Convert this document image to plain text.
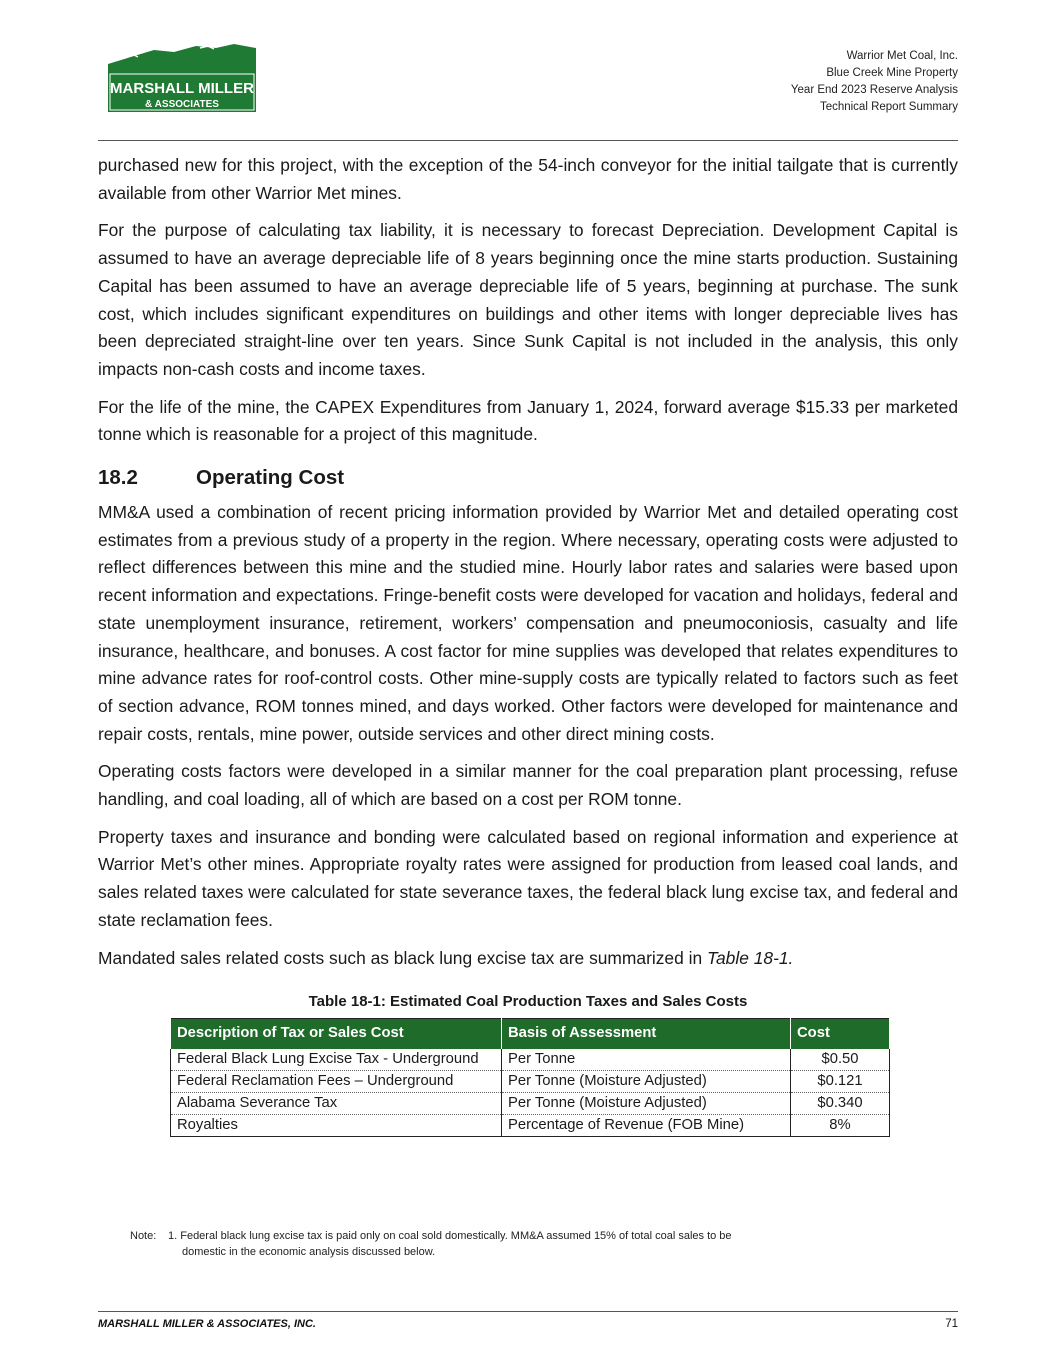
MARSHALL MILLER
& ASSOCIATES
Warrior Met Coal, Inc.
Blue Creek Mine Property
Year End 2023 Reserve Analysis
Technical Report Summary

purchased new for this project, with the exception of the 54-inch conveyor for the initial tailgate that is currently available from other Warrior Met mines.

For the purpose of calculating tax liability, it is necessary to forecast Depreciation. Development Capital is assumed to have an average depreciable life of 8 years beginning once the mine starts production. Sustaining Capital has been assumed to have an average depreciable life of 5 years, beginning at purchase. The sunk cost, which includes significant expenditures on buildings and other items with longer depreciable lives has been depreciated straight-line over ten years. Since Sunk Capital is not included in the analysis, this only impacts non-cash costs and income taxes.

For the life of the mine, the CAPEX Expenditures from January 1, 2024, forward average $15.33 per marketed tonne which is reasonable for a project of this magnitude.

18.2	Operating Cost

MM&A used a combination of recent pricing information provided by Warrior Met and detailed operating cost estimates from a previous study of a property in the region. Where necessary, operating costs were adjusted to reflect differences between this mine and the studied mine. Hourly labor rates and salaries were based upon recent information and expectations. Fringe-benefit costs were developed for vacation and holidays, federal and state unemployment insurance, retirement, workers’ compensation and pneumoconiosis, casualty and life insurance, healthcare, and bonuses. A cost factor for mine supplies was developed that relates expenditures to mine advance rates for roof-control costs. Other mine-supply costs are typically related to factors such as feet of section advance, ROM tonnes mined, and days worked. Other factors were developed for maintenance and repair costs, rentals, mine power, outside services and other direct mining costs.

Operating costs factors were developed in a similar manner for the coal preparation plant processing, refuse handling, and coal loading, all of which are based on a cost per ROM tonne.

Property taxes and insurance and bonding were calculated based on regional information and experience at Warrior Met’s other mines. Appropriate royalty rates were assigned for production from leased coal lands, and sales related taxes were calculated for state severance taxes, the federal black lung excise tax, and federal and state reclamation fees.

Mandated sales related costs such as black lung excise tax are summarized in Table 18-1.

Table 18-1: Estimated Coal Production Taxes and Sales Costs
Description of Tax or Sales Cost	Basis of Assessment	Cost
Federal Black Lung Excise Tax - Underground	Per Tonne	$0.50
Federal Reclamation Fees – Underground	Per Tonne (Moisture Adjusted)	$0.121
Alabama Severance Tax	Per Tonne (Moisture Adjusted)	$0.340
Royalties	Percentage of Revenue (FOB Mine)	8%
Note: 1. Federal black lung excise tax is paid only on coal sold domestically. MM&A assumed 15% of total coal sales to be
domestic in the economic analysis discussed below.
MARSHALL MILLER & ASSOCIATES, INC.	71
